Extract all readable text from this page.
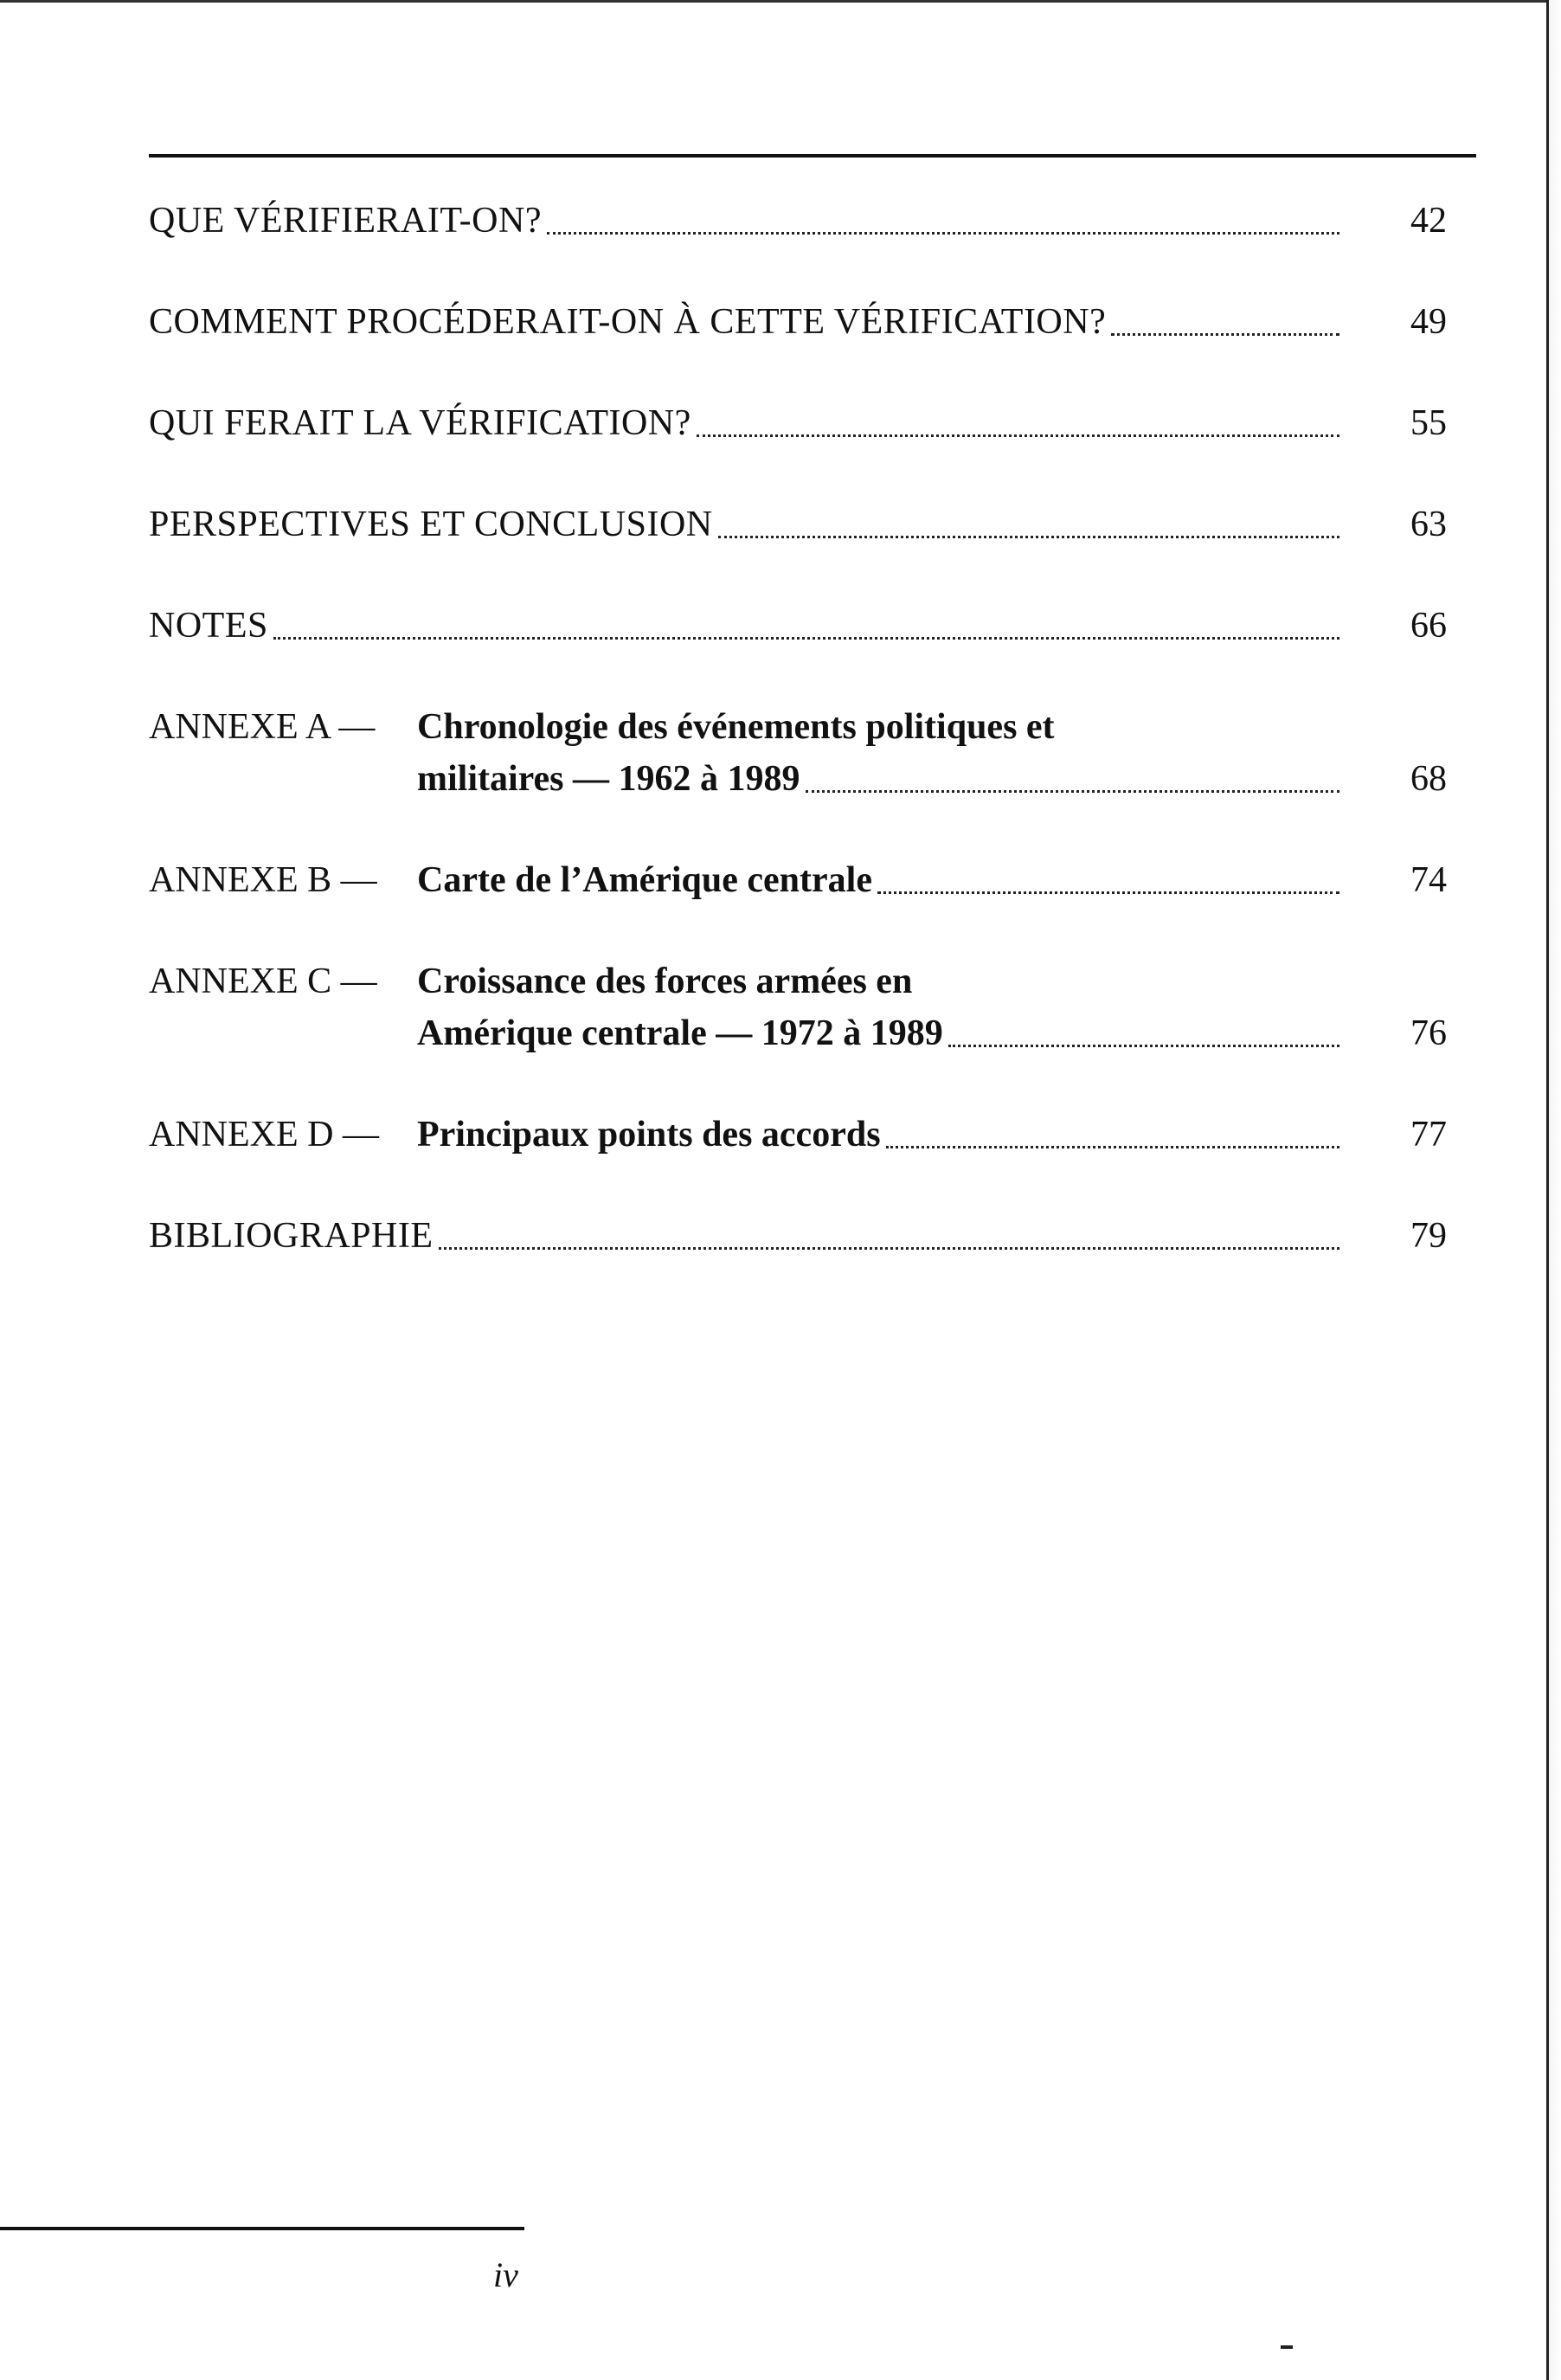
QUE VÉRIFIERAIT-ON?	42
COMMENT PROCÉDERAIT-ON À CETTE VÉRIFICATION?	49
QUI FERAIT LA VÉRIFICATION?	55
PERSPECTIVES ET CONCLUSION	63
NOTES	66
ANNEXE A —	Chronologie des événements politiques et
militaires — 1962 à 1989	68
ANNEXE B —	Carte de l’Amérique centrale	74
ANNEXE C —	Croissance des forces armées en
Amérique centrale — 1972 à 1989	76
ANNEXE D —	Principaux points des accords	77
BIBLIOGRAPHIE	79
iv
